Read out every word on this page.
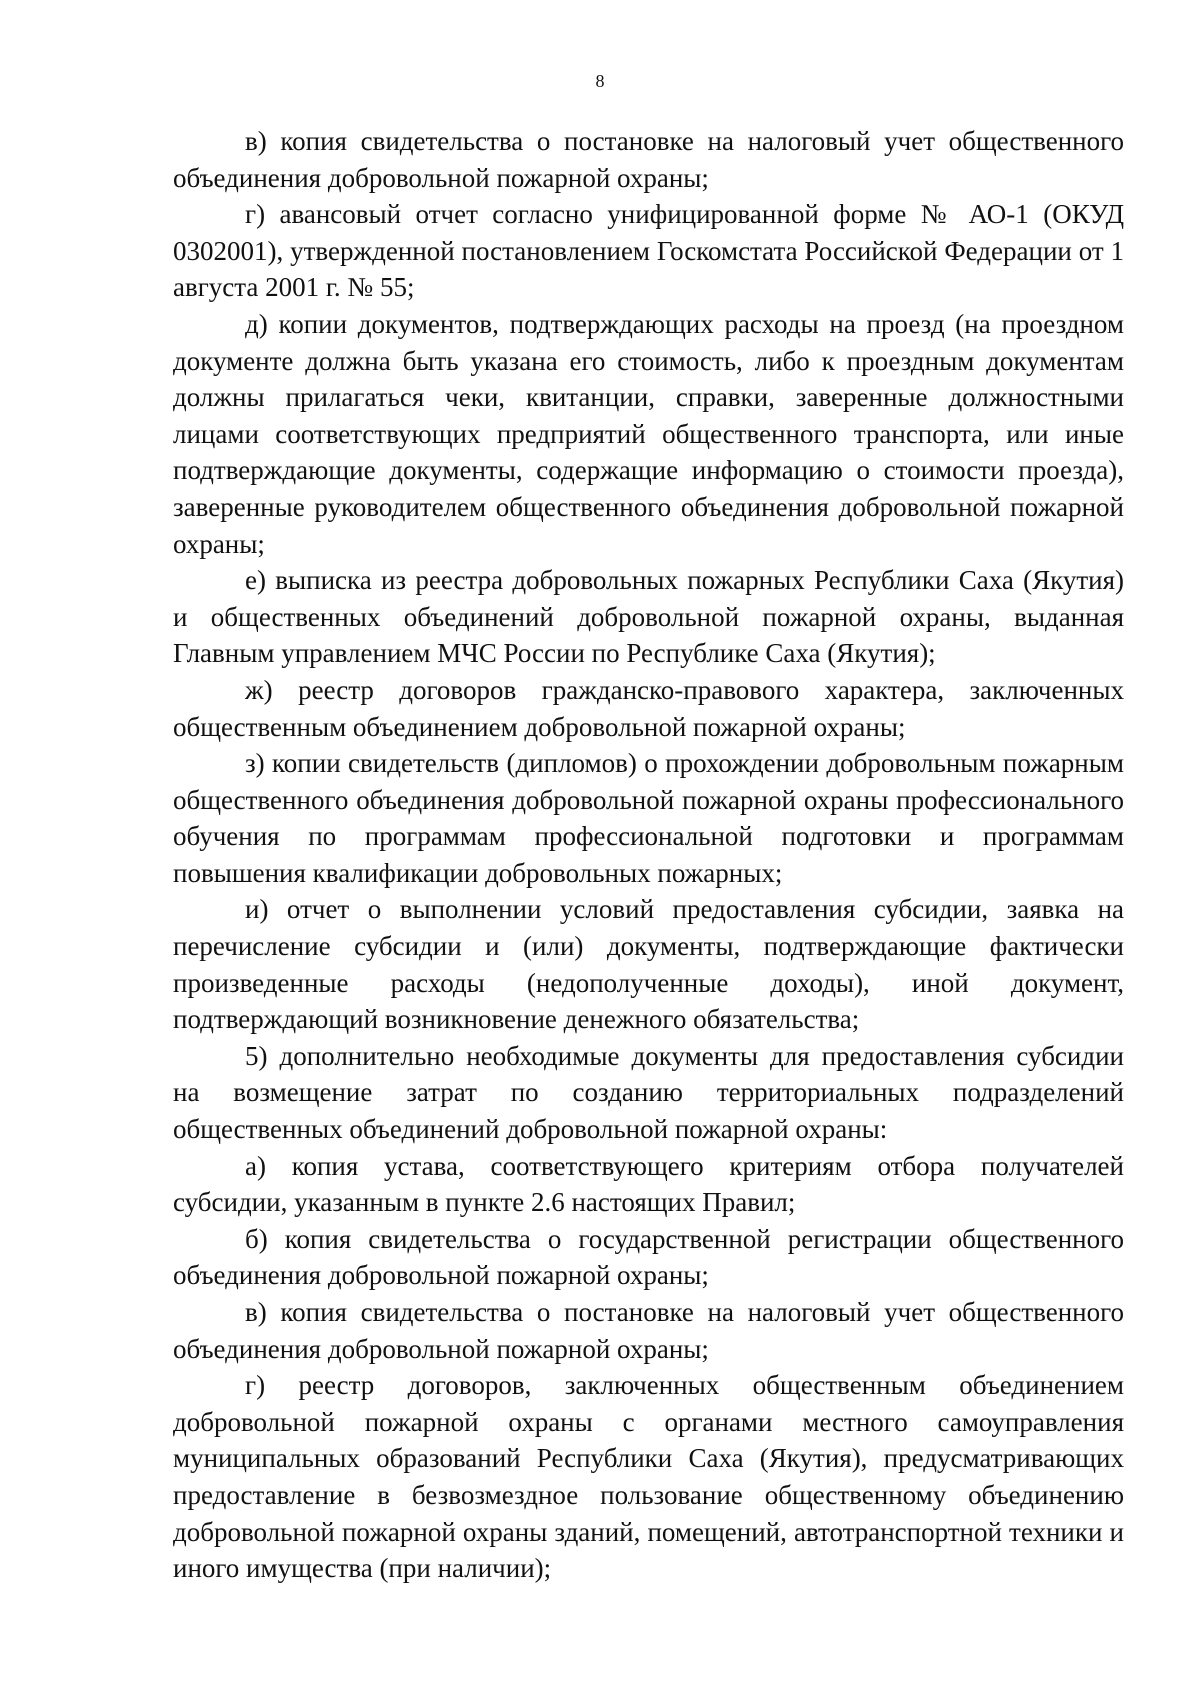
8

в) копия свидетельства о постановке на налоговый учет общественного объединения добровольной пожарной охраны;

г) авансовый отчет согласно унифицированной форме № АО-1 (ОКУД 0302001), утвержденной постановлением Госкомстата Российской Федерации от 1 августа 2001 г. № 55;

д) копии документов, подтверждающих расходы на проезд (на проездном документе должна быть указана его стоимость, либо к проездным документам должны прилагаться чеки, квитанции, справки, заверенные должностными лицами соответствующих предприятий общественного транспорта, или иные подтверждающие документы, содержащие информацию о стоимости проезда), заверенные руководителем общественного объединения добровольной пожарной охраны;

е) выписка из реестра добровольных пожарных Республики Саха (Якутия) и общественных объединений добровольной пожарной охраны, выданная Главным управлением МЧС России по Республике Саха (Якутия);

ж) реестр договоров гражданско-правового характера, заключенных общественным объединением добровольной пожарной охраны;

з) копии свидетельств (дипломов) о прохождении добровольным пожарным общественного объединения добровольной пожарной охраны профессионального обучения по программам профессиональной подготовки и программам повышения квалификации добровольных пожарных;

и) отчет о выполнении условий предоставления субсидии, заявка на перечисление субсидии и (или) документы, подтверждающие фактически произведенные расходы (недополученные доходы), иной документ, подтверждающий возникновение денежного обязательства;

5) дополнительно необходимые документы для предоставления субсидии на возмещение затрат по созданию территориальных подразделений общественных объединений добровольной пожарной охраны:

а) копия устава, соответствующего критериям отбора получателей субсидии, указанным в пункте 2.6 настоящих Правил;

б) копия свидетельства о государственной регистрации общественного объединения добровольной пожарной охраны;

в) копия свидетельства о постановке на налоговый учет общественного объединения добровольной пожарной охраны;

г) реестр договоров, заключенных общественным объединением добровольной пожарной охраны с органами местного самоуправления муниципальных образований Республики Саха (Якутия), предусматривающих предоставление в безвозмездное пользование общественному объединению добровольной пожарной охраны зданий, помещений, автотранспортной техники и иного имущества (при наличии);
